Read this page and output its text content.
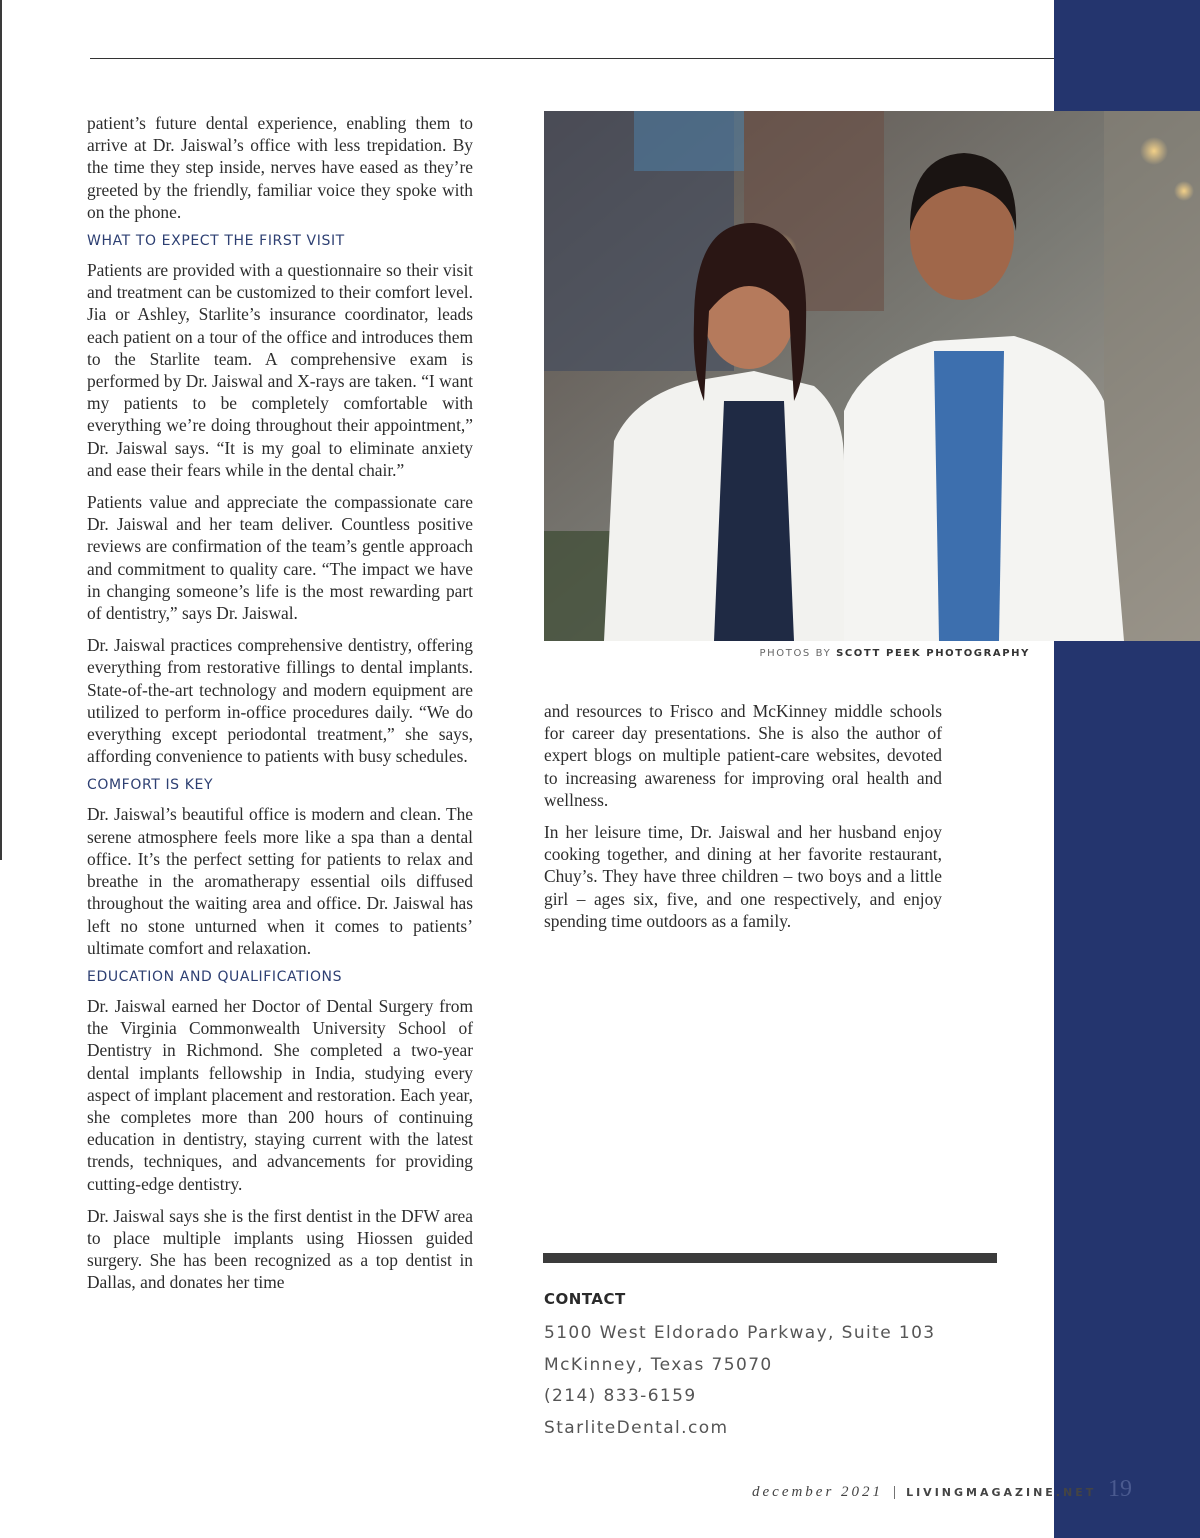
patient’s future dental experience, enabling them to arrive at Dr. Jaiswal’s office with less trepidation. By the time they step inside, nerves have eased as they’re greeted by the friendly, familiar voice they spoke with on the phone.

WHAT TO EXPECT THE FIRST VISIT

Patients are provided with a questionnaire so their visit and treatment can be customized to their comfort level. Jia or Ashley, Starlite’s insurance coordinator, leads each patient on a tour of the office and introduces them to the Starlite team. A comprehensive exam is performed by Dr. Jaiswal and X-rays are taken. “I want my patients to be completely comfortable with everything we’re doing throughout their appointment,” Dr. Jaiswal says. “It is my goal to eliminate anxiety and ease their fears while in the dental chair.”

Patients value and appreciate the compassionate care Dr. Jaiswal and her team deliver. Countless positive reviews are confirmation of the team’s gentle approach and commitment to quality care. “The impact we have in changing someone’s life is the most rewarding part of dentistry,” says Dr. Jaiswal.

Dr. Jaiswal practices comprehensive dentistry, offering everything from restorative fillings to dental implants. State-of-the-art technology and modern equipment are utilized to perform in-office procedures daily. “We do everything except periodontal treatment,” she says, affording convenience to patients with busy schedules.

COMFORT IS KEY

Dr. Jaiswal’s beautiful office is modern and clean. The serene atmosphere feels more like a spa than a dental office. It’s the perfect setting for patients to relax and breathe in the aromatherapy essential oils diffused throughout the waiting area and office. Dr. Jaiswal has left no stone unturned when it comes to patients’ ultimate comfort and relaxation.

EDUCATION AND QUALIFICATIONS

Dr. Jaiswal earned her Doctor of Dental Surgery from the Virginia Commonwealth University School of Dentistry in Richmond. She completed a two-year dental implants fellowship in India, studying every aspect of implant placement and restoration. Each year, she completes more than 200 hours of continuing education in dentistry, staying current with the latest trends, techniques, and advancements for providing cutting-edge dentistry.

Dr. Jaiswal says she is the first dentist in the DFW area to place multiple implants using Hiossen guided surgery. She has been recognized as a top dentist in Dallas, and donates her time

PHOTOS BY SCOTT PEEK PHOTOGRAPHY

and resources to Frisco and McKinney middle schools for career day presentations. She is also the author of expert blogs on multiple patient-care websites, devoted to increasing awareness for improving oral health and wellness.

In her leisure time, Dr. Jaiswal and her husband enjoy cooking together, and dining at her favorite restaurant, Chuy’s. They have three children – two boys and a little girl – ages six, five, and one respectively, and enjoy spending time outdoors as a family.

CONTACT
5100 West Eldorado Parkway, Suite 103
McKinney, Texas 75070
(214) 833-6159
StarliteDental.com
december 2021 | LIVINGMAGAZINE.NET 19
